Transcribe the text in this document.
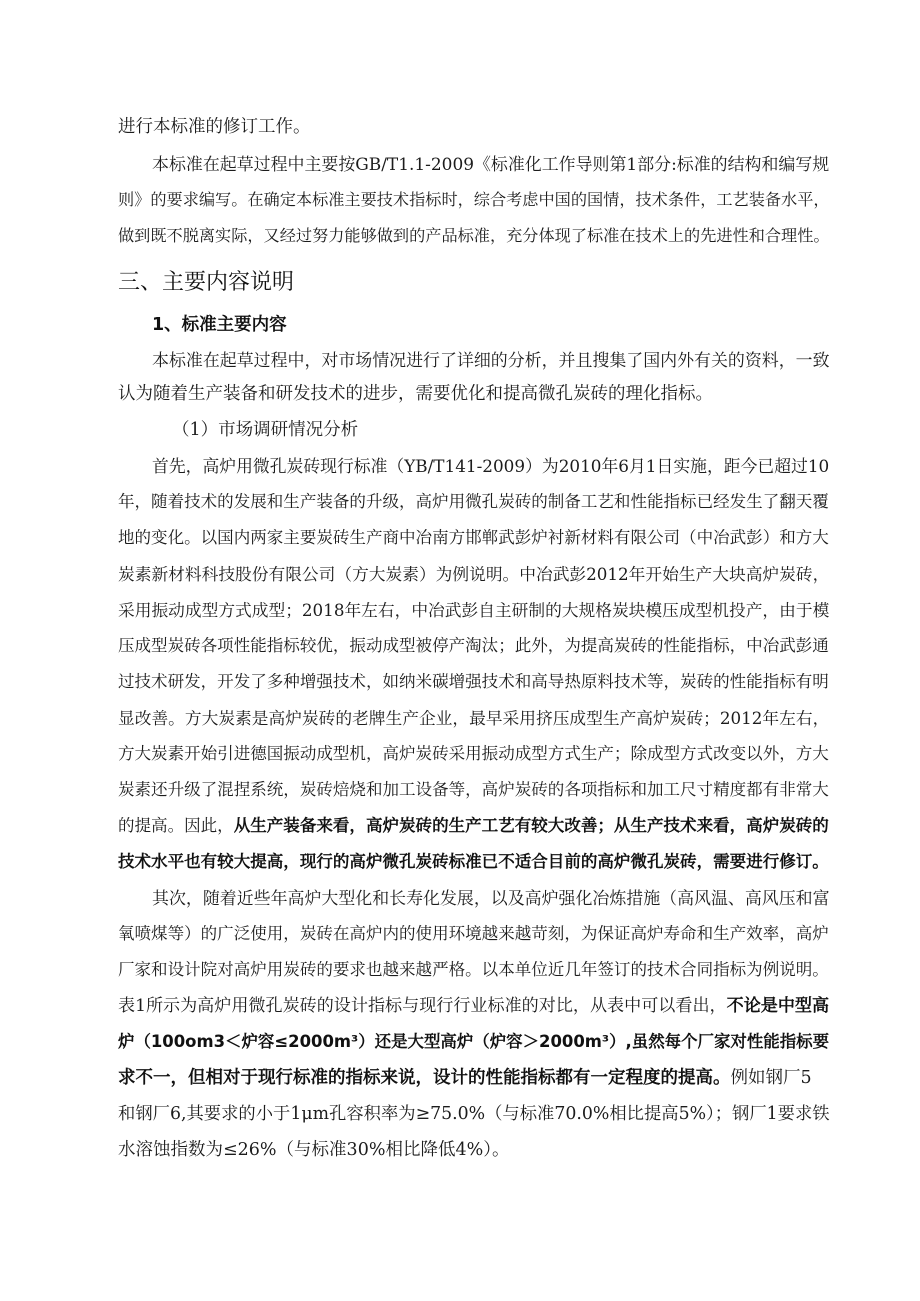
进行本标准的修订工作。
本标准在起草过程中主要按GB/T1.1-2009《标准化工作导则第1部分:标准的结构和编写规
则》的要求编写。在确定本标准主要技术指标时，综合考虑中国的国情，技术条件，工艺装备水平，
做到既不脱离实际，又经过努力能够做到的产品标准，充分体现了标准在技术上的先进性和合理性。
三、主要内容说明
1、标准主要内容
本标准在起草过程中，对市场情况进行了详细的分析，并且搜集了国内外有关的资料，一致
认为随着生产装备和研发技术的进步，需要优化和提高微孔炭砖的理化指标。
（1）市场调研情况分析
首先，高炉用微孔炭砖现行标准（YB/T141-2009）为2010年6月1日实施，距今已超过10
年，随着技术的发展和生产装备的升级，高炉用微孔炭砖的制备工艺和性能指标已经发生了翻天覆
地的变化。以国内两家主要炭砖生产商中冶南方邯郸武彭炉衬新材料有限公司（中冶武彭）和方大
炭素新材料科技股份有限公司（方大炭素）为例说明。中冶武彭2012年开始生产大块高炉炭砖，
采用振动成型方式成型；2018年左右，中冶武彭自主研制的大规格炭块模压成型机投产，由于模
压成型炭砖各项性能指标较优，振动成型被停产淘汰；此外，为提高炭砖的性能指标，中冶武彭通
过技术研发，开发了多种增强技术，如纳米碳增强技术和高导热原料技术等，炭砖的性能指标有明
显改善。方大炭素是高炉炭砖的老牌生产企业，最早采用挤压成型生产高炉炭砖；2012年左右，
方大炭素开始引进德国振动成型机，高炉炭砖采用振动成型方式生产；除成型方式改变以外，方大
炭素还升级了混捏系统，炭砖焙烧和加工设备等，高炉炭砖的各项指标和加工尺寸精度都有非常大
的提高。因此，从生产装备来看，高炉炭砖的生产工艺有较大改善；从生产技术来看，高炉炭砖的
技术水平也有较大提高，现行的高炉微孔炭砖标准已不适合目前的高炉微孔炭砖，需要进行修订。
其次，随着近些年高炉大型化和长寿化发展，以及高炉强化冶炼措施（高风温、高风压和富
氧喷煤等）的广泛使用，炭砖在高炉内的使用环境越来越苛刻，为保证高炉寿命和生产效率，高炉
厂家和设计院对高炉用炭砖的要求也越来越严格。以本单位近几年签订的技术合同指标为例说明。
表1所示为高炉用微孔炭砖的设计指标与现行行业标准的对比，从表中可以看出，不论是中型高
炉（100om3＜炉容≤2000m³）还是大型高炉（炉容＞2000m³）,虽然每个厂家对性能指标要
求不一，但相对于现行标准的指标来说，设计的性能指标都有一定程度的提高。例如钢厂5
和钢厂6,其要求的小于1μm孔容积率为≥75.0%（与标准70.0%相比提高5%）；钢厂1要求铁
水溶蚀指数为≤26%（与标准30%相比降低4%）。
